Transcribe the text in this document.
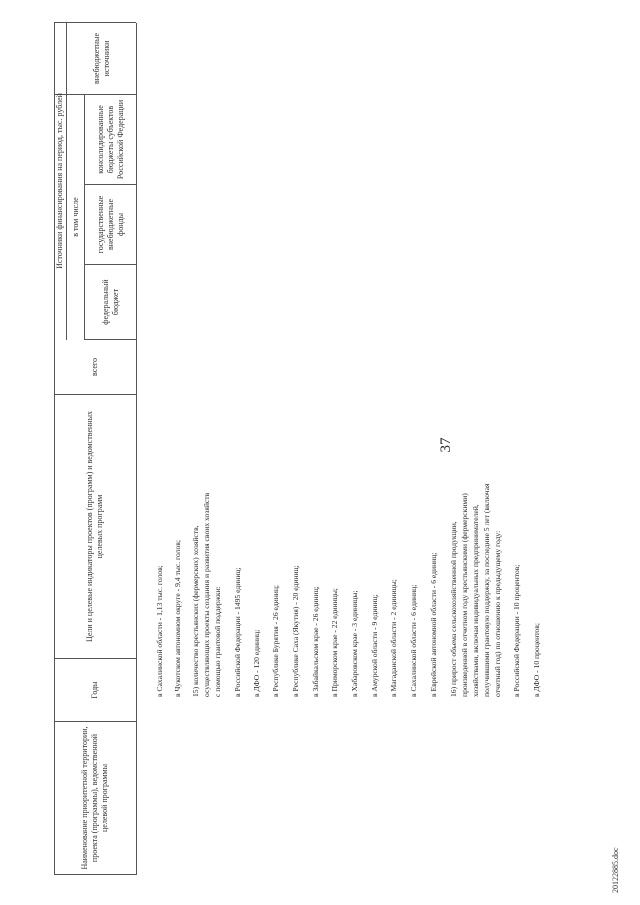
37
20122885.doc
Наименование приоритетной территории, проекта (программы), ведомственной целевой программы
Годы
Цели и целевые индикаторы проектов (программ) и ведомственных целевых программ
всего
Источники финансирования на период, тыс. рублей в том числе
федеральный бюджет
государственные внебюджетные фонды
консолидированные бюджеты субъектов Российской Федерации
внебюджетные источники
в Сахалинской области - 1,13 тыс. голов; в Чукотском автономном округе - 9,4 тыс. голов; 15) количество крестьянских (фермерских) хозяйств, осуществляющих проекты создания и развития своих хозяйств с помощью грантовой поддержки: в Российской Федерации - 1495 единиц; в ДФО - 120 единиц; в Республике Бурятия - 26 единиц; в Республике Саха (Якутия) - 20 единиц; в Забайкальском крае - 26 единиц; в Приморском крае - 22 единицы; в Хабаровском крае - 3 единицы; в Амурской области - 9 единиц; в Магаданской области - 2 единицы; в Сахалинской области - 6 единиц; в Еврейской автономной области - 6 единиц; 16) прирост объема сельскохозяйственной продукции, произведенной в отчетном году крестьянскими (фермерскими) хозяйствами, включая индивидуальных предпринимателей, получившими грантовую поддержку, за последние 5 лет (включая отчетный год) по отношению к предыдущему году: в Российской Федерации - 10 процентов; в ДФО - 10 процентов;
